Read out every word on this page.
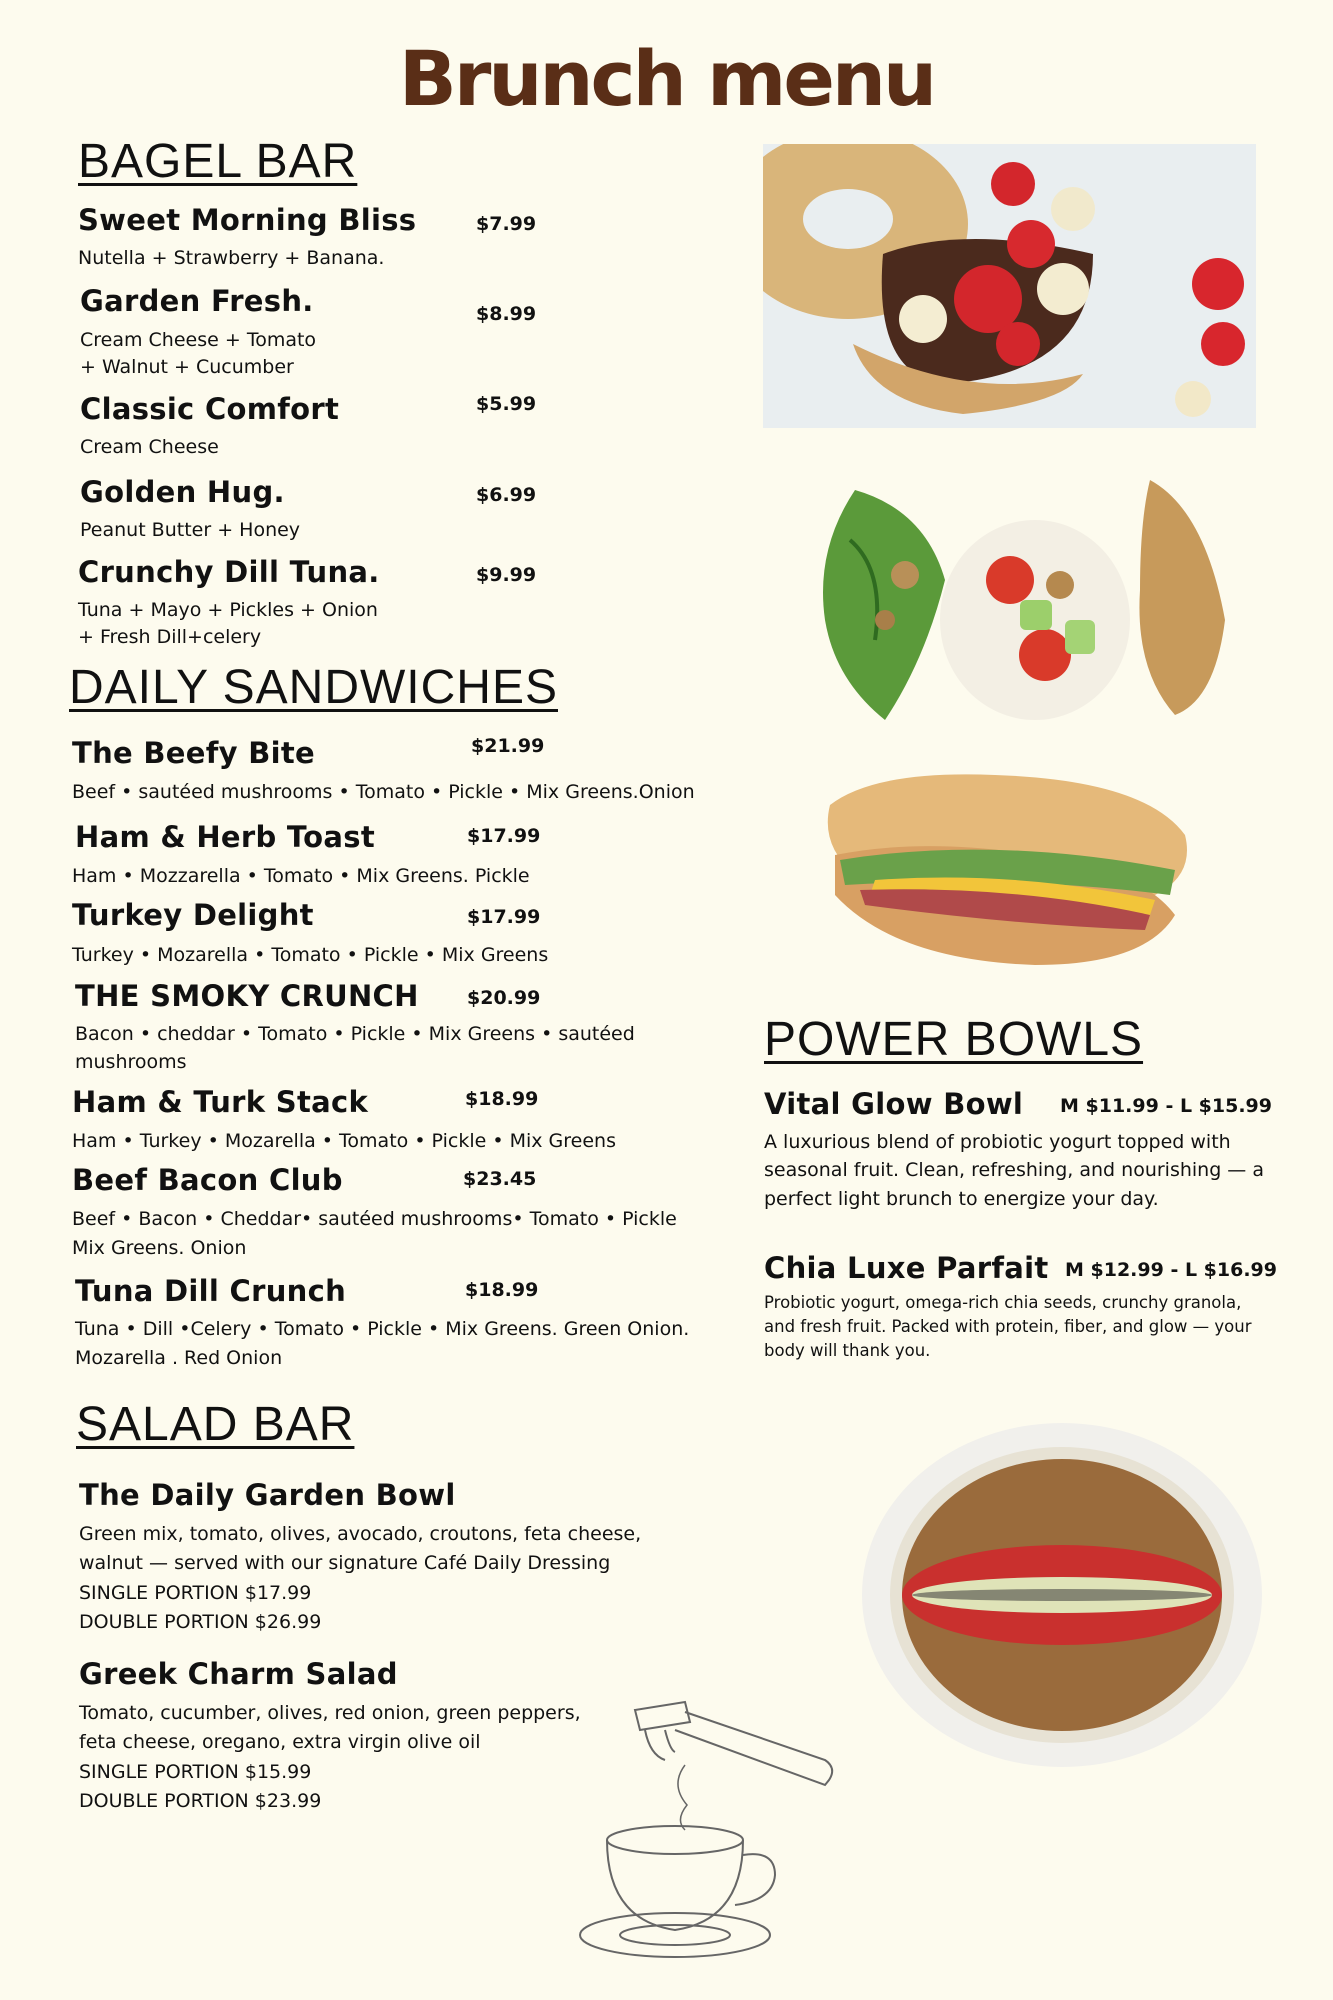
Brunch menu
BAGEL BAR
Sweet Morning Bliss	$7.99
Nutella + Strawberry + Banana.
Garden Fresh.	$8.99
Cream Cheese + Tomato
+ Walnut + Cucumber
Classic Comfort	$5.99
Cream Cheese
Golden Hug.	$6.99
Peanut Butter + Honey
Crunchy Dill Tuna.	$9.99
Tuna + Mayo + Pickles + Onion
+ Fresh Dill+celery
DAILY SANDWICHES
The Beefy Bite	$21.99
Beef • sautéed mushrooms • Tomato • Pickle • Mix Greens.Onion
Ham & Herb Toast	$17.99
Ham • Mozzarella • Tomato • Mix Greens. Pickle
Turkey Delight	$17.99
Turkey • Mozarella • Tomato • Pickle • Mix Greens
THE SMOKY CRUNCH	$20.99
Bacon • cheddar • Tomato • Pickle • Mix Greens • sautéed
mushrooms
Ham & Turk Stack	$18.99
Ham • Turkey • Mozarella • Tomato • Pickle • Mix Greens
Beef Bacon Club	$23.45
Beef • Bacon • Cheddar• sautéed mushrooms• Tomato • Pickle
Mix Greens. Onion
Tuna Dill Crunch	$18.99
Tuna • Dill •Celery • Tomato • Pickle • Mix Greens. Green Onion.
Mozarella . Red Onion
SALAD BAR
The Daily Garden Bowl
Green mix, tomato, olives, avocado, croutons, feta cheese,
walnut — served with our signature Café Daily Dressing
SINGLE PORTION $17.99
DOUBLE PORTION $26.99
Greek Charm Salad
Tomato, cucumber, olives, red onion, green peppers,
feta cheese, oregano, extra virgin olive oil
SINGLE PORTION $15.99
DOUBLE PORTION $23.99
POWER BOWLS
Vital Glow Bowl M $11.99 - L $15.99
A luxurious blend of probiotic yogurt topped with
seasonal fruit. Clean, refreshing, and nourishing — a
perfect light brunch to energize your day.
Chia Luxe Parfait M $12.99 - L $16.99
Probiotic yogurt, omega-rich chia seeds, crunchy granola,
and fresh fruit. Packed with protein, fiber, and glow — your
body will thank you.
